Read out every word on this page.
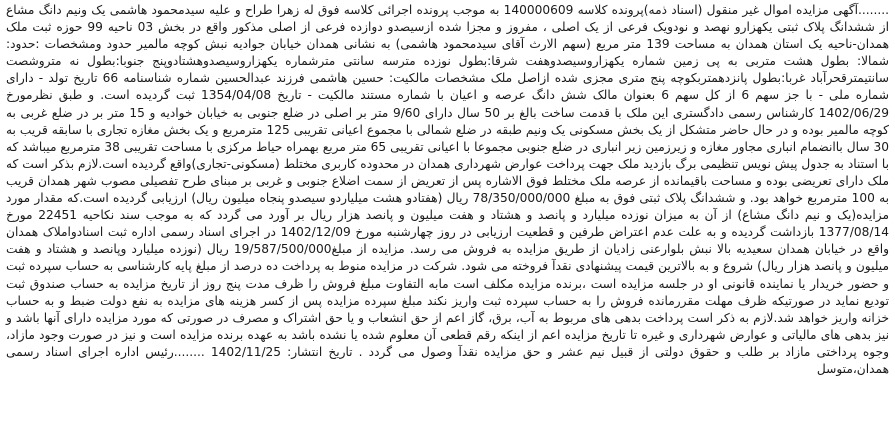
........آگهی مزایده اموال غیر منقول (اسناد ذمه)پرونده کلاسه 140000609 به موجب پرونده اجرائی کلاسه فوق له زهرا طراح و علیه سیدمحمود هاشمی یک ونیم دانگ مشاع از ششدانگ پلاک ثبتی یکهزارو نهصد و نودویک فرعی از یک اصلی ، مفروز و مجزا شده ازسیصدو دوازده فرعی از اصلی مذکور واقع در بخش 03 ناحیه 99 حوزه ثبت ملک همدان-ناحیه یک استان همدان به مساحت 139 متر مربع (سهم الارث آقای سیدمحمود هاشمی) به نشانی همدان خیابان جوادیه نبش کوچه مالمیر حدود ومشخصات :حدود: شمالا: بطول هشت متربی به پی زمین شماره یکهزاروسیصدوهفت شرقا:بطول نوزده مترسه سانتی مترشماره یکهزاروسیصدوهشتادوپنج جنوبا:بطول نه متروشصت سانتیمترقحرآباد غربا:بطول پانزدهمتربکوچه پنج متری مجزی شده ازاصل ملک مشخصات مالکیت: حسین هاشمی فرزند عبدالحسین شماره شناسنامه 66 تاریخ تولد - دارای شماره ملی - با جز سهم 6 از کل سهم 6 بعنوان مالک شش دانگ عرصه و اعیان با شماره مستند مالکیت - تاریخ 1354/04/08 ثبت گردیده است. و طبق نظرمورخ 1402/06/29 کارشناس رسمی دادگستری این ملک با قدمت ساخت بالغ بر 50 سال دارای 9/60 متر بر اصلی در ضلع جنوبی به خیابان خوادیه و 15 متر بر در ضلع غربی به کوچه مالمیر بوده و در حال حاضر متشکل از یک بخش مسکونی یک ونیم طبقه در ضلع شمالی با مجموع اعیانی تقریبی 125 مترمربع و یک بخش مغازه تجاری با سابقه قریب به 30 سال باانضمام انباری مجاور مغازه و زیرزمین زیر انباری در ضلع جنوبی مجموعا با اعیانی تقریبی 65 متر مربع بهمراه حیاط مرکزی با مساحت تقریبی 38 مترمربع میباشد که با استناد به جدول پیش نویس تنظیمی برگ بازدید ملک جهت پرداخت عوارض شهرداری همدان در محدوده کاربری مختلط (مسکونی-تجاری)واقع گردیده است.لازم بذکر است که ملک دارای تعریضی بوده و مساحت باقیمانده از عرصه ملک مختلط فوق الاشاره پس از تعریض از سمت اضلاع جنوبی و غربی بر مبنای طرح تفصیلی مصوب شهر همدان قریب به 100 مترمربع خواهد بود. و ششدانگ پلاک ثبتی فوق به مبلغ 78/350/000/000 ریال (هفتادو هشت میلیاردو سیصدو پنجاه میلیون ریال) ارزیابی گردیده است.که مقدار مورد مزایده(یک و نیم دانگ مشاع) از آن به میزان نوزده میلیارد و پانصد و هشتاد و هفت میلیون و پانصد هزار ریال بر آورد می گردد که به موجب سند نکاحیه 22451 مورخ 1377/08/14 بازداشت گردیده و به علت عدم اعتراض طرفین و قطعیت ارزیابی در روز چهارشنبه مورخ 1402/12/09 در اجرای اسناد رسمی اداره ثبت اسنادواملاک همدان واقع در خیابان همدان سعیدیه بالا نبش بلوارعنی زادیان از طریق مزایده به فروش می رسد. مزایده از مبلغ19/587/500/000 ریال (نوزده میلیارد وپانصد و هشتاد و هفت میلیون و پانصد هزار ریال) شروع و به بالاترین قیمت پیشنهادی نقدآ فروخته می شود. شرکت در مزایده منوط به پرداخت ده درصد از مبلغ پایه کارشناسی به حساب سپرده ثبت و حضور خریدار یا نماینده قانونی او در جلسه مزایده است ،برنده مزایده مکلف است مابه التفاوت مبلغ فروش را ظرف مدت پنج روز از تاریخ مزایده به حساب صندوق ثبت تودیع نماید در صورتیکه ظرف مهلت مقررمانده فروش را به حساب سپرده ثبت واریز نکند مبلغ سپرده مزایده پس از کسر هزینه های مزایده به نفع دولت ضبط و به حساب خزانه واریز خواهد شد.لازم به ذکر است پرداخت بدهی های مربوط به آب، برق، گاز اعم از حق انشعاب و یا حق اشتراک و مصرف در صورتی که مورد مزایده دارای آنها باشد و نیز بدهی های مالیاتی و عوارض شهرداری و غیره تا تاریخ مزایده اعم از اینکه رقم قطعی آن معلوم شده یا نشده باشد به عهده برنده مزایده است و نیز در صورت وجود مازاد، وجوه پرداختی مازاد بر طلب و حقوق دولتی از قبیل نیم عشر و حق مزایده نقدآ وصول می گردد . تاریخ انتشار: 1402/11/25 ........رئیس اداره اجرای اسناد رسمی همدان،متوسل
